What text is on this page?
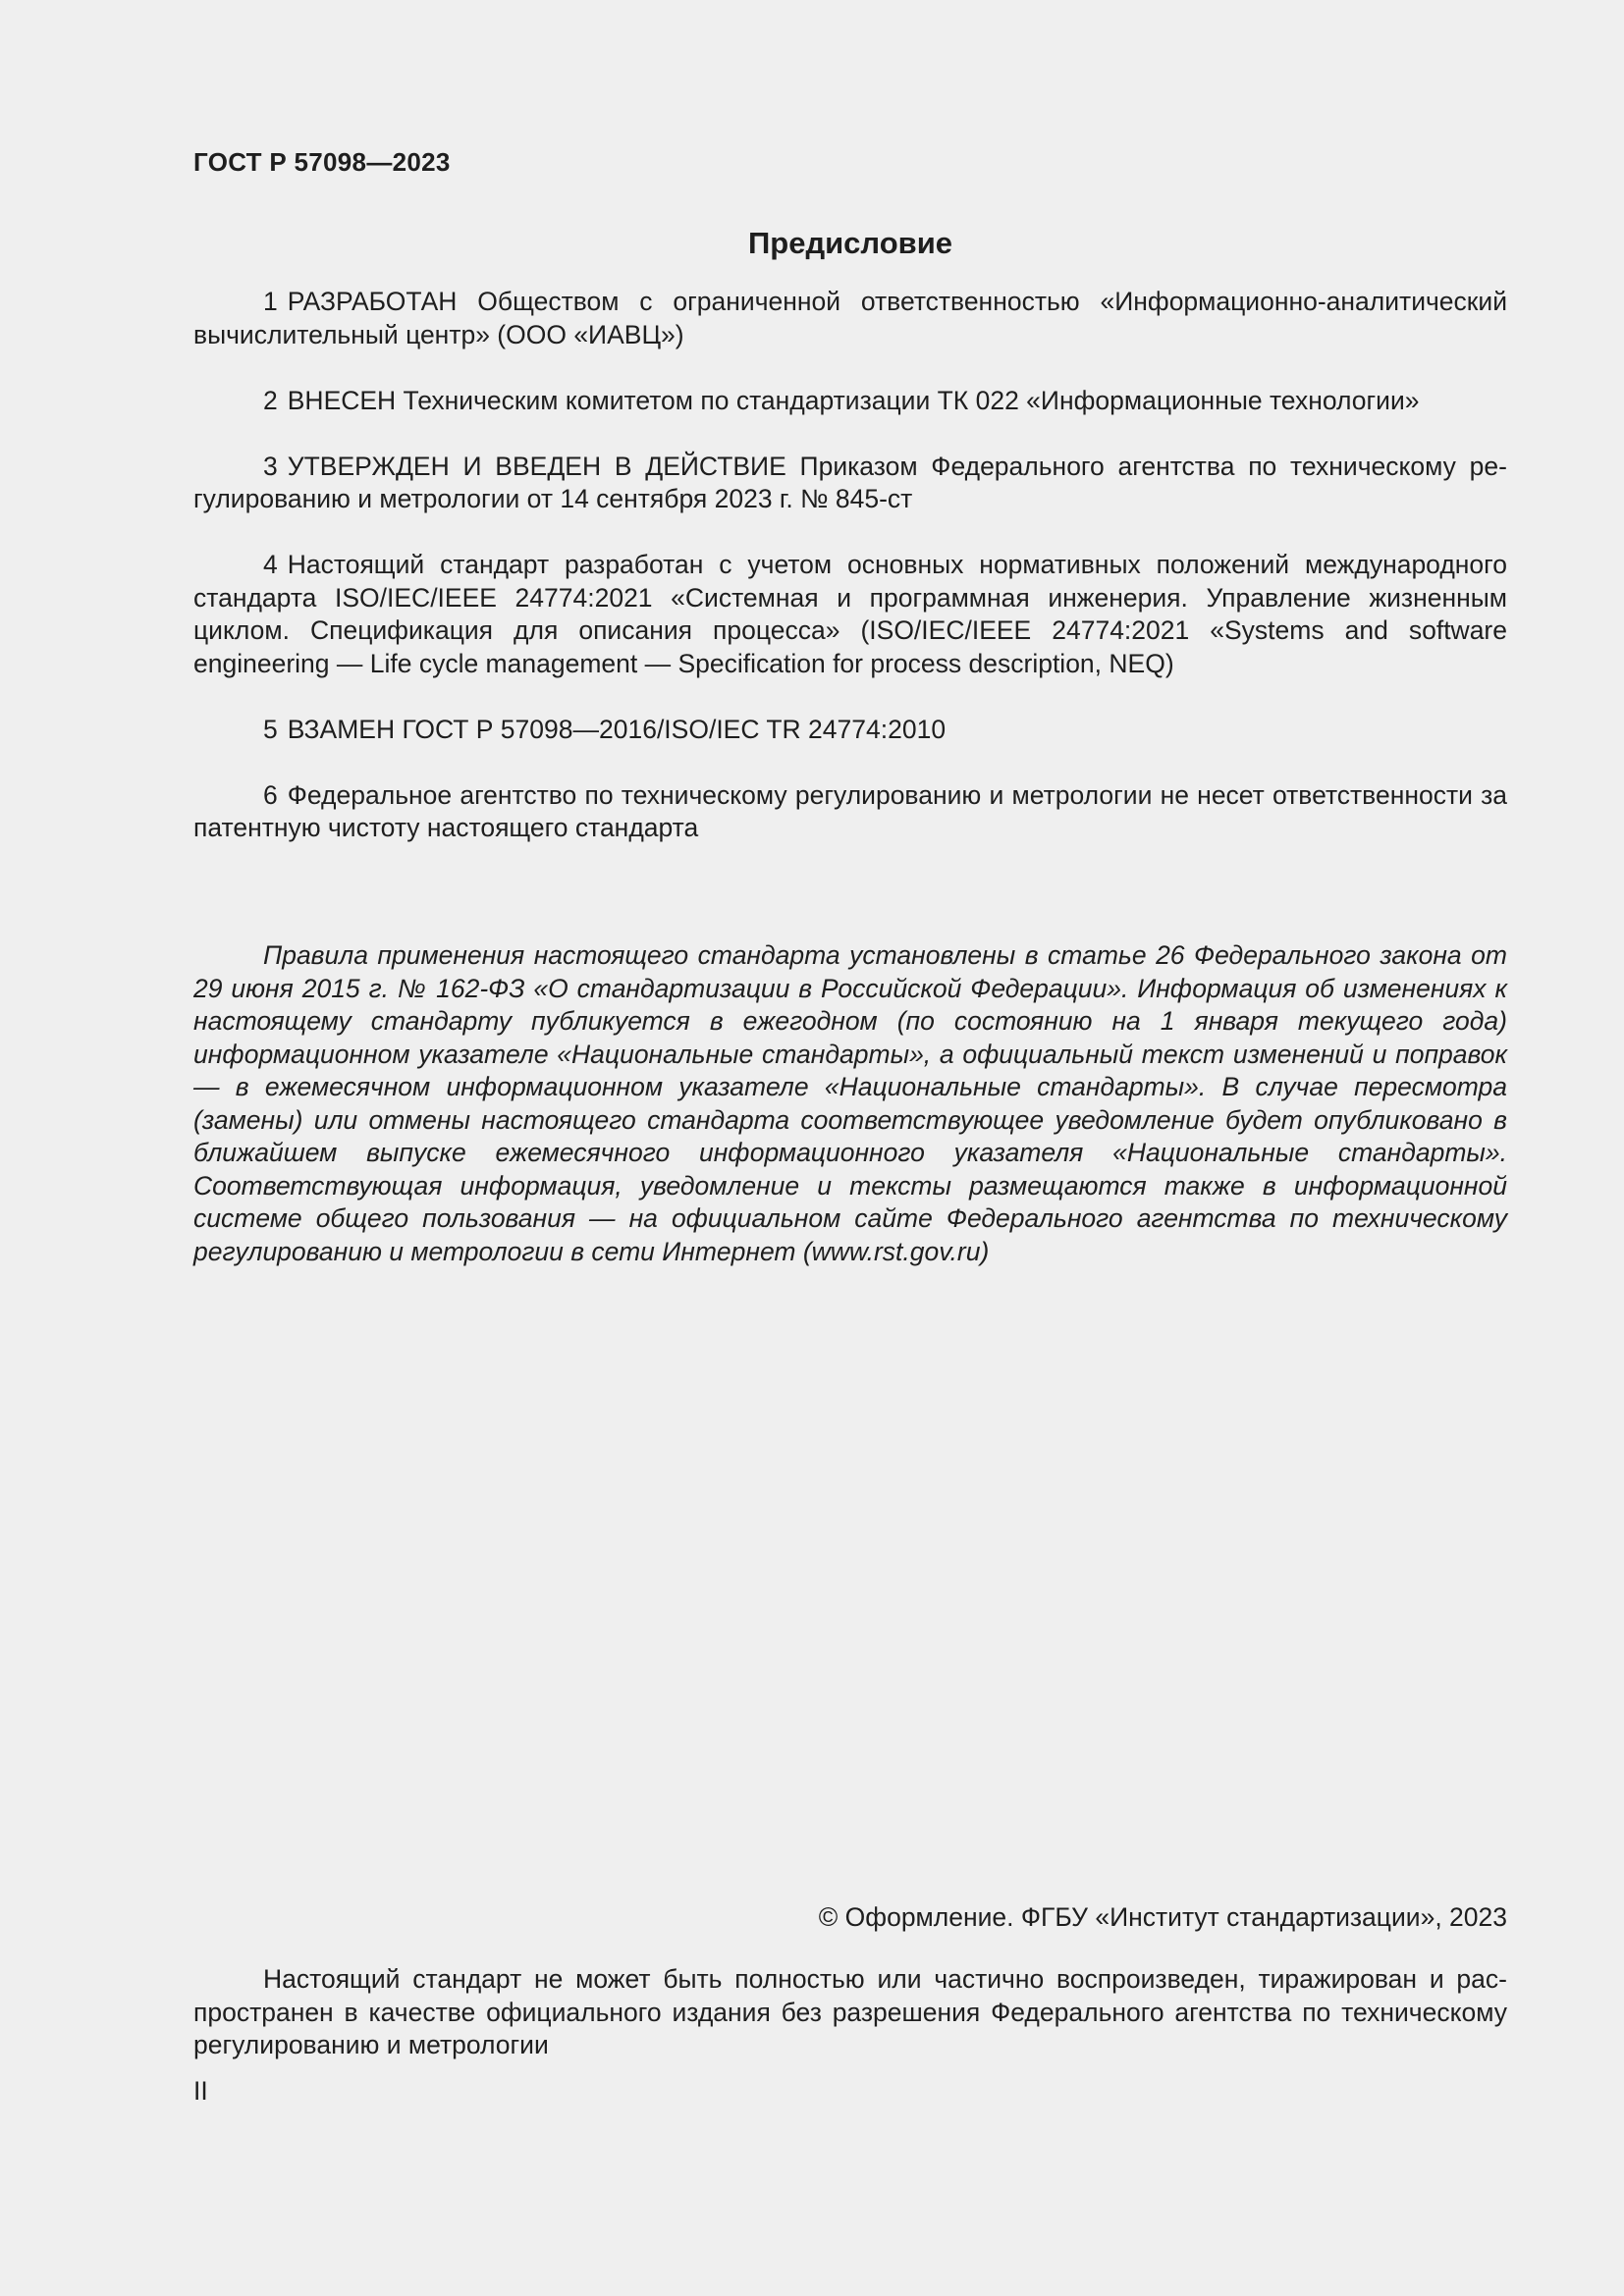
ГОСТ Р 57098—2023
Предисловие

1 РАЗРАБОТАН Обществом с ограниченной ответственностью «Информационно-аналитический вычислительный центр» (ООО «ИАВЦ»)

2 ВНЕСЕН Техническим комитетом по стандартизации ТК 022 «Информационные технологии»

3 УТВЕРЖДЕН И ВВЕДЕН В ДЕЙСТВИЕ Приказом Федерального агентства по техническому регулированию и метрологии от 14 сентября 2023 г. № 845-ст

4 Настоящий стандарт разработан с учетом основных нормативных положений международного стандарта ISO/IEC/IEEE 24774:2021 «Системная и программная инженерия. Управление жизненным циклом. Спецификация для описания процесса» (ISO/IEC/IEEE 24774:2021 «Systems and software engineering — Life cycle management — Specification for process description, NEQ)

5 ВЗАМЕН ГОСТ Р 57098—2016/ISO/IEC TR 24774:2010

6 Федеральное агентство по техническому регулированию и метрологии не несет ответственности за патентную чистоту настоящего стандарта

Правила применения настоящего стандарта установлены в статье 26 Федерального закона от 29 июня 2015 г. № 162-ФЗ «О стандартизации в Российской Федерации». Информация об изменениях к настоящему стандарту публикуется в ежегодном (по состоянию на 1 января текущего года) информационном указателе «Национальные стандарты», а официальный текст изменений и поправок — в ежемесячном информационном указателе «Национальные стандарты». В случае пересмотра (замены) или отмены настоящего стандарта соответствующее уведомление будет опубликовано в ближайшем выпуске ежемесячного информационного указателя «Национальные стандарты». Соответствующая информация, уведомление и тексты размещаются также в информационной системе общего пользования — на официальном сайте Федерального агентства по техническому регулированию и метрологии в сети Интернет (www.rst.gov.ru)

© Оформление. ФГБУ «Институт стандартизации», 2023

Настоящий стандарт не может быть полностью или частично воспроизведен, тиражирован и распространен в качестве официального издания без разрешения Федерального агентства по техническому регулированию и метрологии

II
